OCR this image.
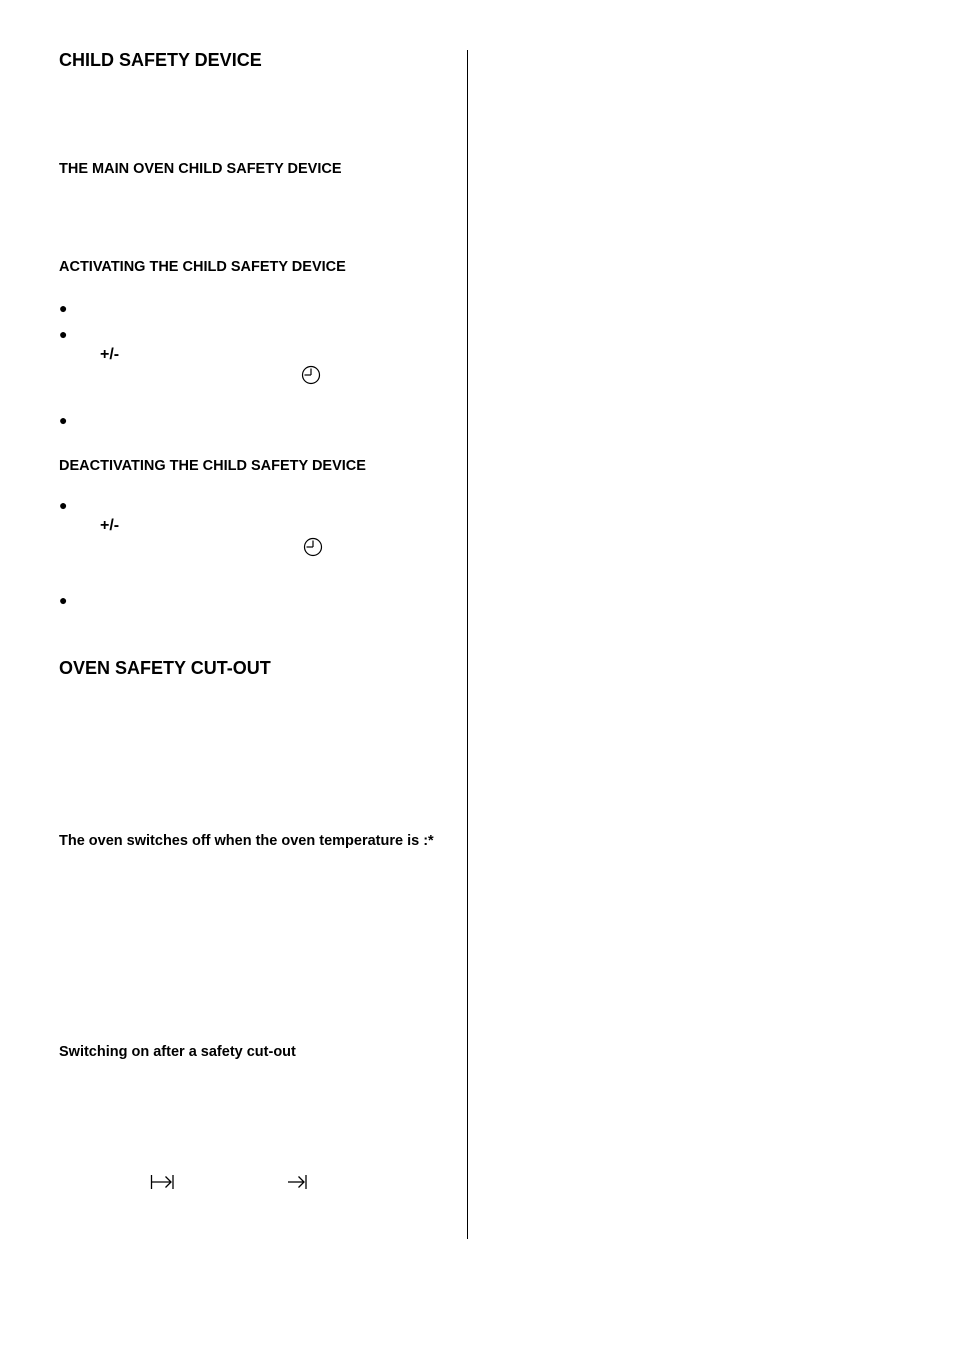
CHILD SAFETY DEVICE
THE MAIN OVEN CHILD SAFETY DEVICE
ACTIVATING THE CHILD SAFETY DEVICE
●
●
+/-
●
DEACTIVATING THE CHILD SAFETY DEVICE
●
+/-
●
OVEN SAFETY CUT-OUT

The oven switches off when the oven temperature is :*

Switching on after a safety cut-out
